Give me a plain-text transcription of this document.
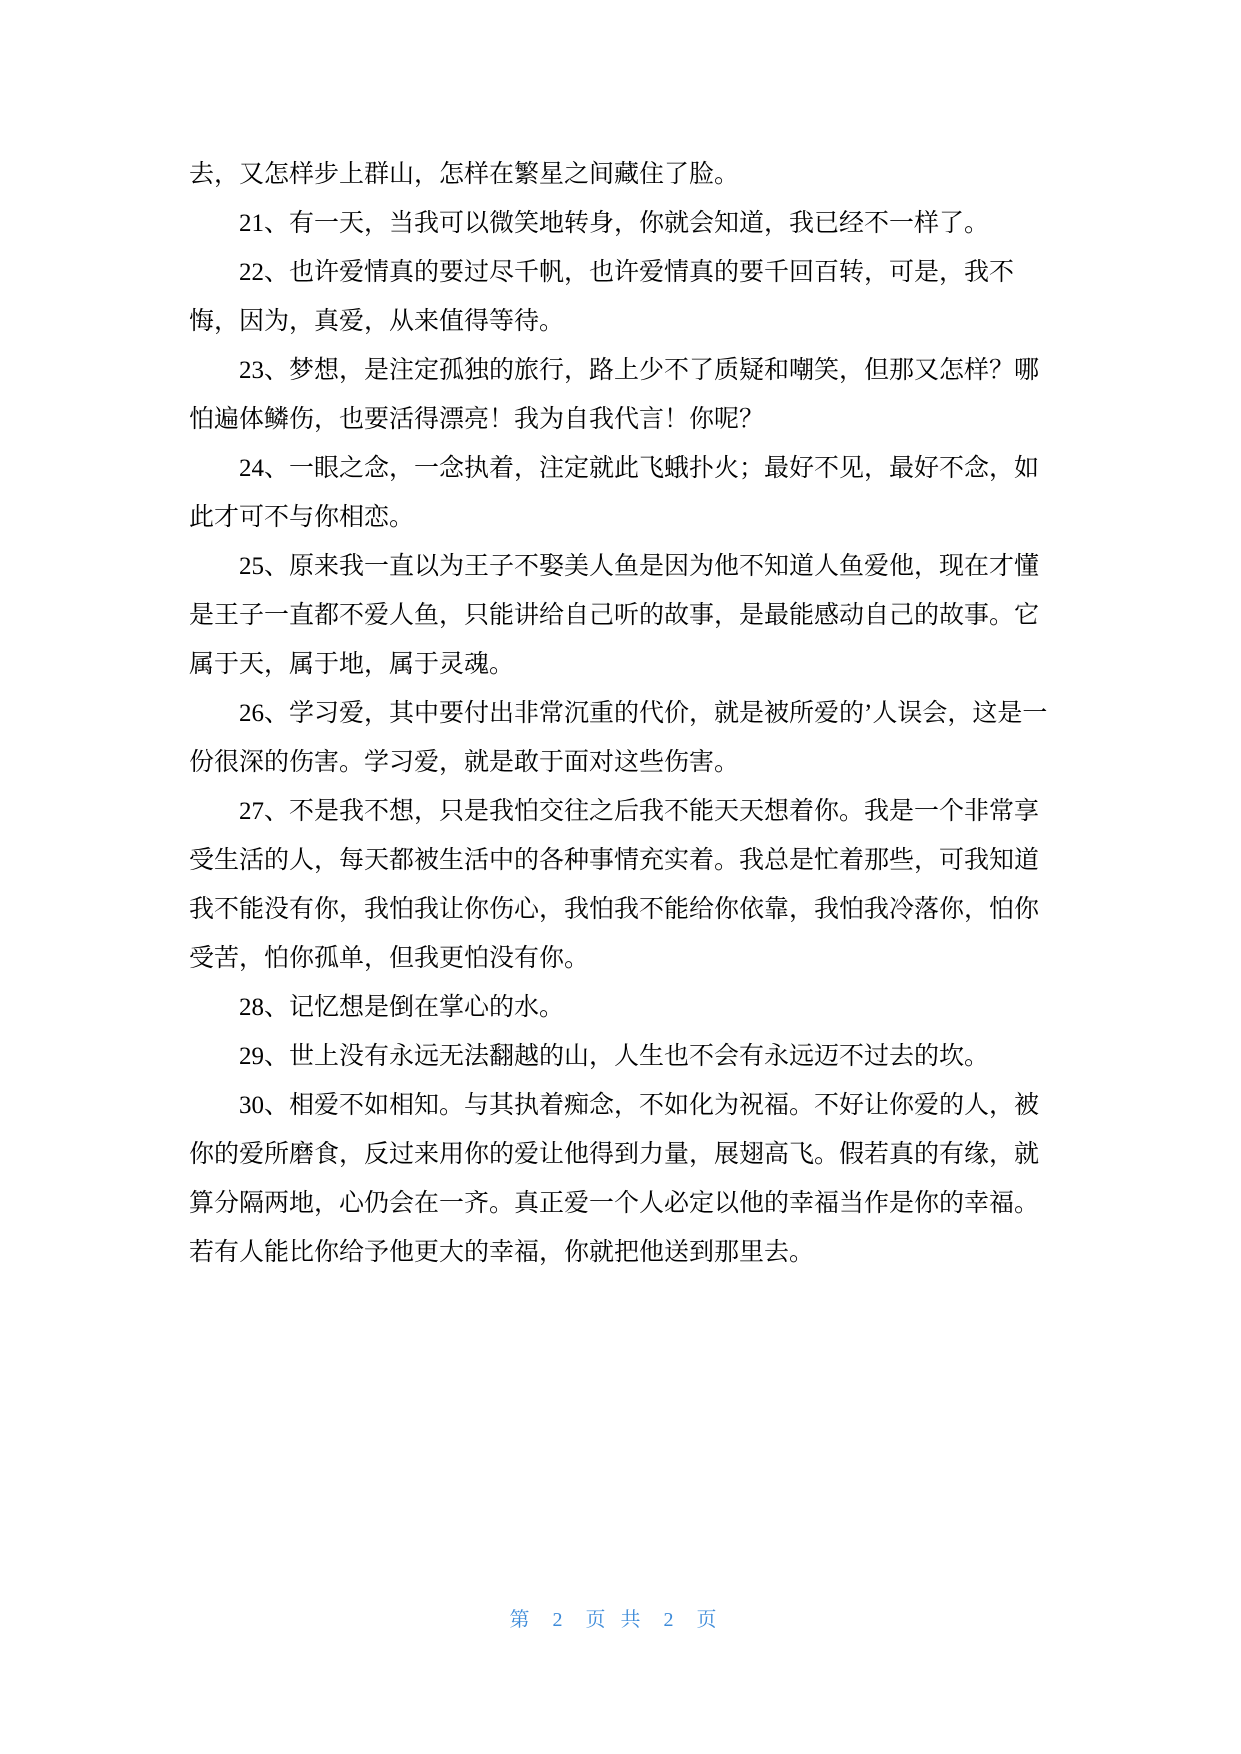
去，又怎样步上群山，怎样在繁星之间藏住了脸。

21、有一天，当我可以微笑地转身，你就会知道，我已经不一样了。

22、也许爱情真的要过尽千帆，也许爱情真的要千回百转，可是，我不
悔，因为，真爱，从来值得等待。

23、梦想，是注定孤独的旅行，路上少不了质疑和嘲笑，但那又怎样？哪
怕遍体鳞伤，也要活得漂亮！我为自我代言！你呢？

24、一眼之念，一念执着，注定就此飞蛾扑火；最好不见，最好不念，如
此才可不与你相恋。

25、原来我一直以为王子不娶美人鱼是因为他不知道人鱼爱他，现在才懂
是王子一直都不爱人鱼，只能讲给自己听的故事，是最能感动自己的故事。它
属于天，属于地，属于灵魂。

26、学习爱，其中要付出非常沉重的代价，就是被所爱的’人误会，这是一
份很深的伤害。学习爱，就是敢于面对这些伤害。

27、不是我不想，只是我怕交往之后我不能天天想着你。我是一个非常享
受生活的人，每天都被生活中的各种事情充实着。我总是忙着那些，可我知道
我不能没有你，我怕我让你伤心，我怕我不能给你依靠，我怕我冷落你，怕你
受苦，怕你孤单，但我更怕没有你。

28、记忆想是倒在掌心的水。

29、世上没有永远无法翻越的山，人生也不会有永远迈不过去的坎。

30、相爱不如相知。与其执着痴念，不如化为祝福。不好让你爱的人，被
你的爱所磨食，反过来用你的爱让他得到力量，展翅高飞。假若真的有缘，就
算分隔两地，心仍会在一齐。真正爱一个人必定以他的幸福当作是你的幸福。
若有人能比你给予他更大的幸福，你就把他送到那里去。

第 2 页共 2 页
